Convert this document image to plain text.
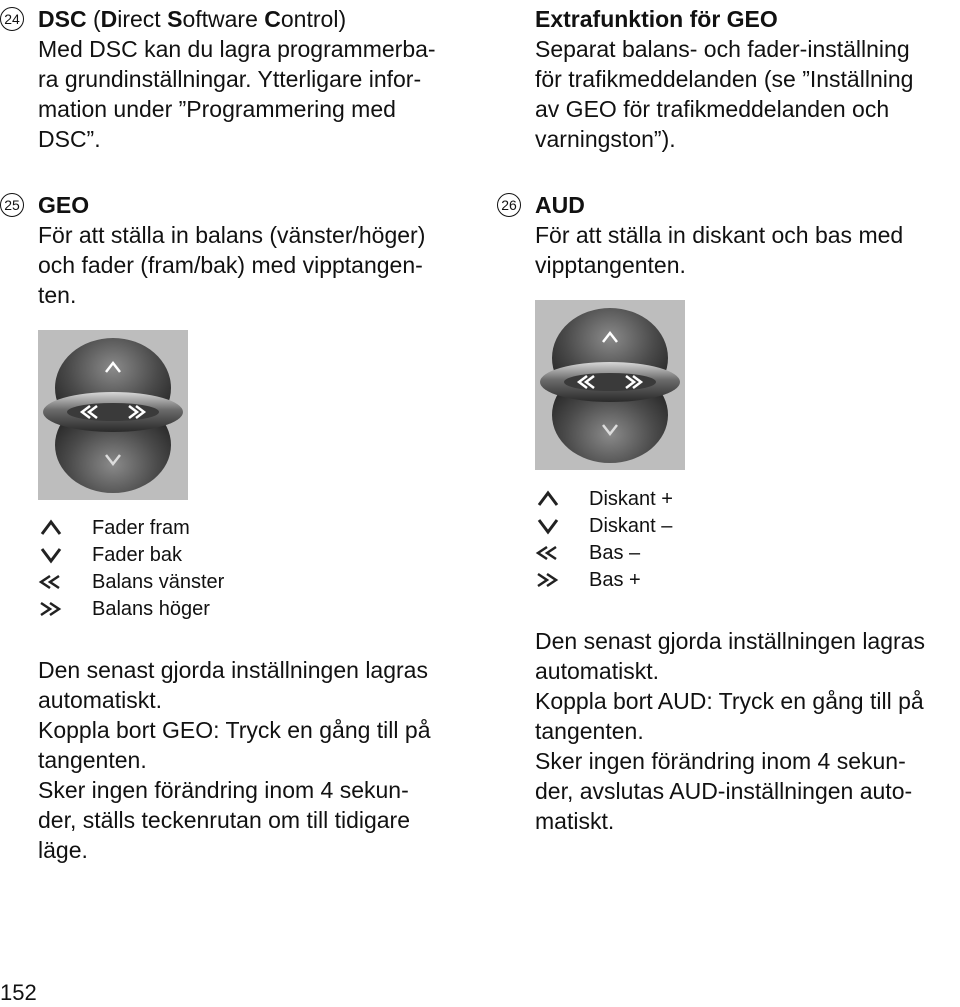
24 DSC (Direct Software Control)

Med DSC kan du lagra programmerba-

ra grundinställningar. Ytterligare infor-

mation under ”Programmering med

DSC”.

25 GEO

För att ställa in balans (vänster/höger)

och fader (fram/bak) med vipptangen-

ten.

Fader fram
Fader bak
Balans vänster
Balans höger

Den senast gjorda inställningen lagras

automatiskt.

Koppla bort GEO: Tryck en gång till på

tangenten.

Sker ingen förändring inom 4 sekun-

der, ställs teckenrutan om till tidigare

läge.

Extrafunktion för GEO

Separat balans- och fader-inställning

för trafikmeddelanden (se ”Inställning

av GEO för trafikmeddelanden och

varningston”).

26 AUD

För att ställa in diskant och bas med

vipptangenten.

Diskant +
Diskant –
Bas –
Bas +

Den senast gjorda inställningen lagras

automatiskt.

Koppla bort AUD: Tryck en gång till på

tangenten.

Sker ingen förändring inom 4 sekun-

der, avslutas AUD-inställningen auto-

matiskt.

152
